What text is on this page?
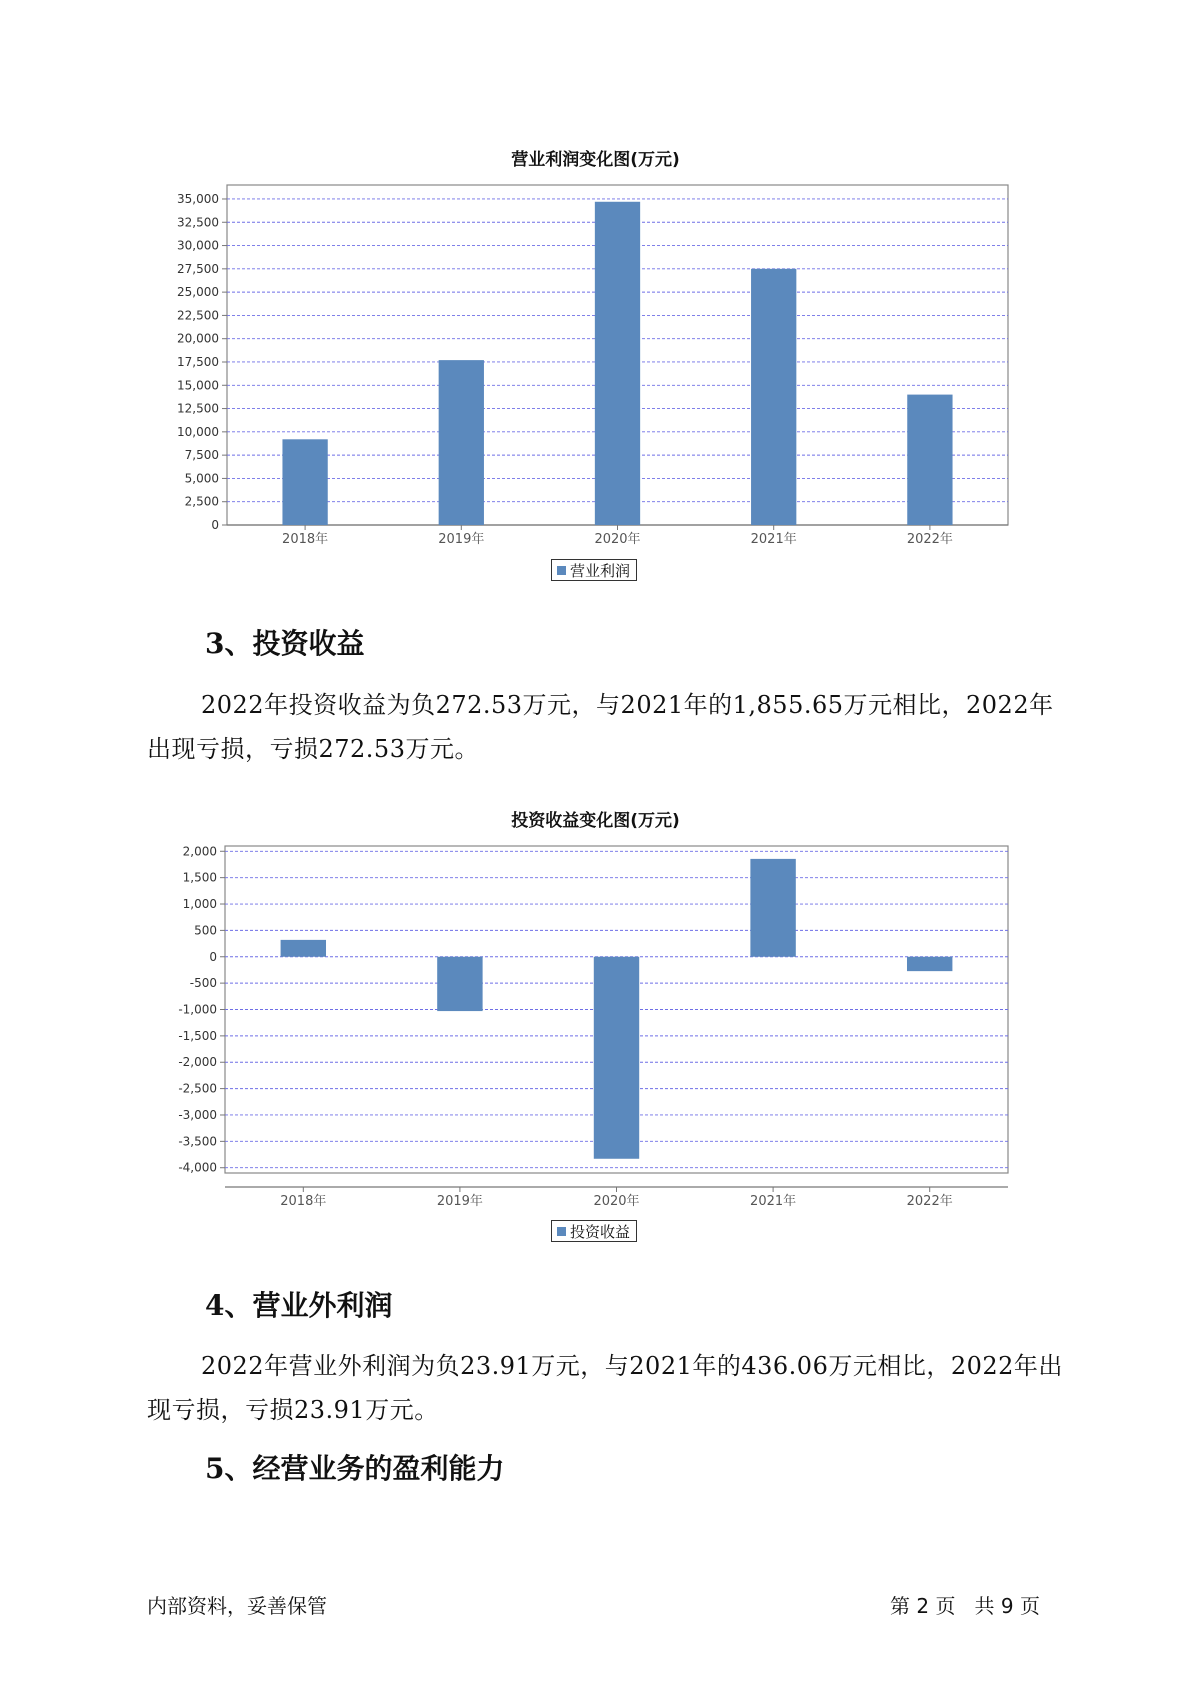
营业利润变化图(万元)
0
2,500
5,000
7,500
10,000
12,500
15,000
17,500
20,000
22,500
25,000
27,500
30,000
32,500
35,000
2018年	2019年	2020年	2021年	2022年
营业利润
3、投资收益

2022年投资收益为负272.53万元，与2021年的1,855.65万元相比，2022年出现亏损，亏损272.53万元。

投资收益变化图(万元)
-4,000
-3,500
-3,000
-2,500
-2,000
-1,500
-1,000
-500
0
500
1,000
1,500
2,000
2018年	2019年	2020年	2021年	2022年
投资收益
4、营业外利润

2022年营业外利润为负23.91万元，与2021年的436.06万元相比，2022年出现亏损，亏损23.91万元。

5、经营业务的盈利能力
内部资料，妥善保管	第 2 页   共 9 页
